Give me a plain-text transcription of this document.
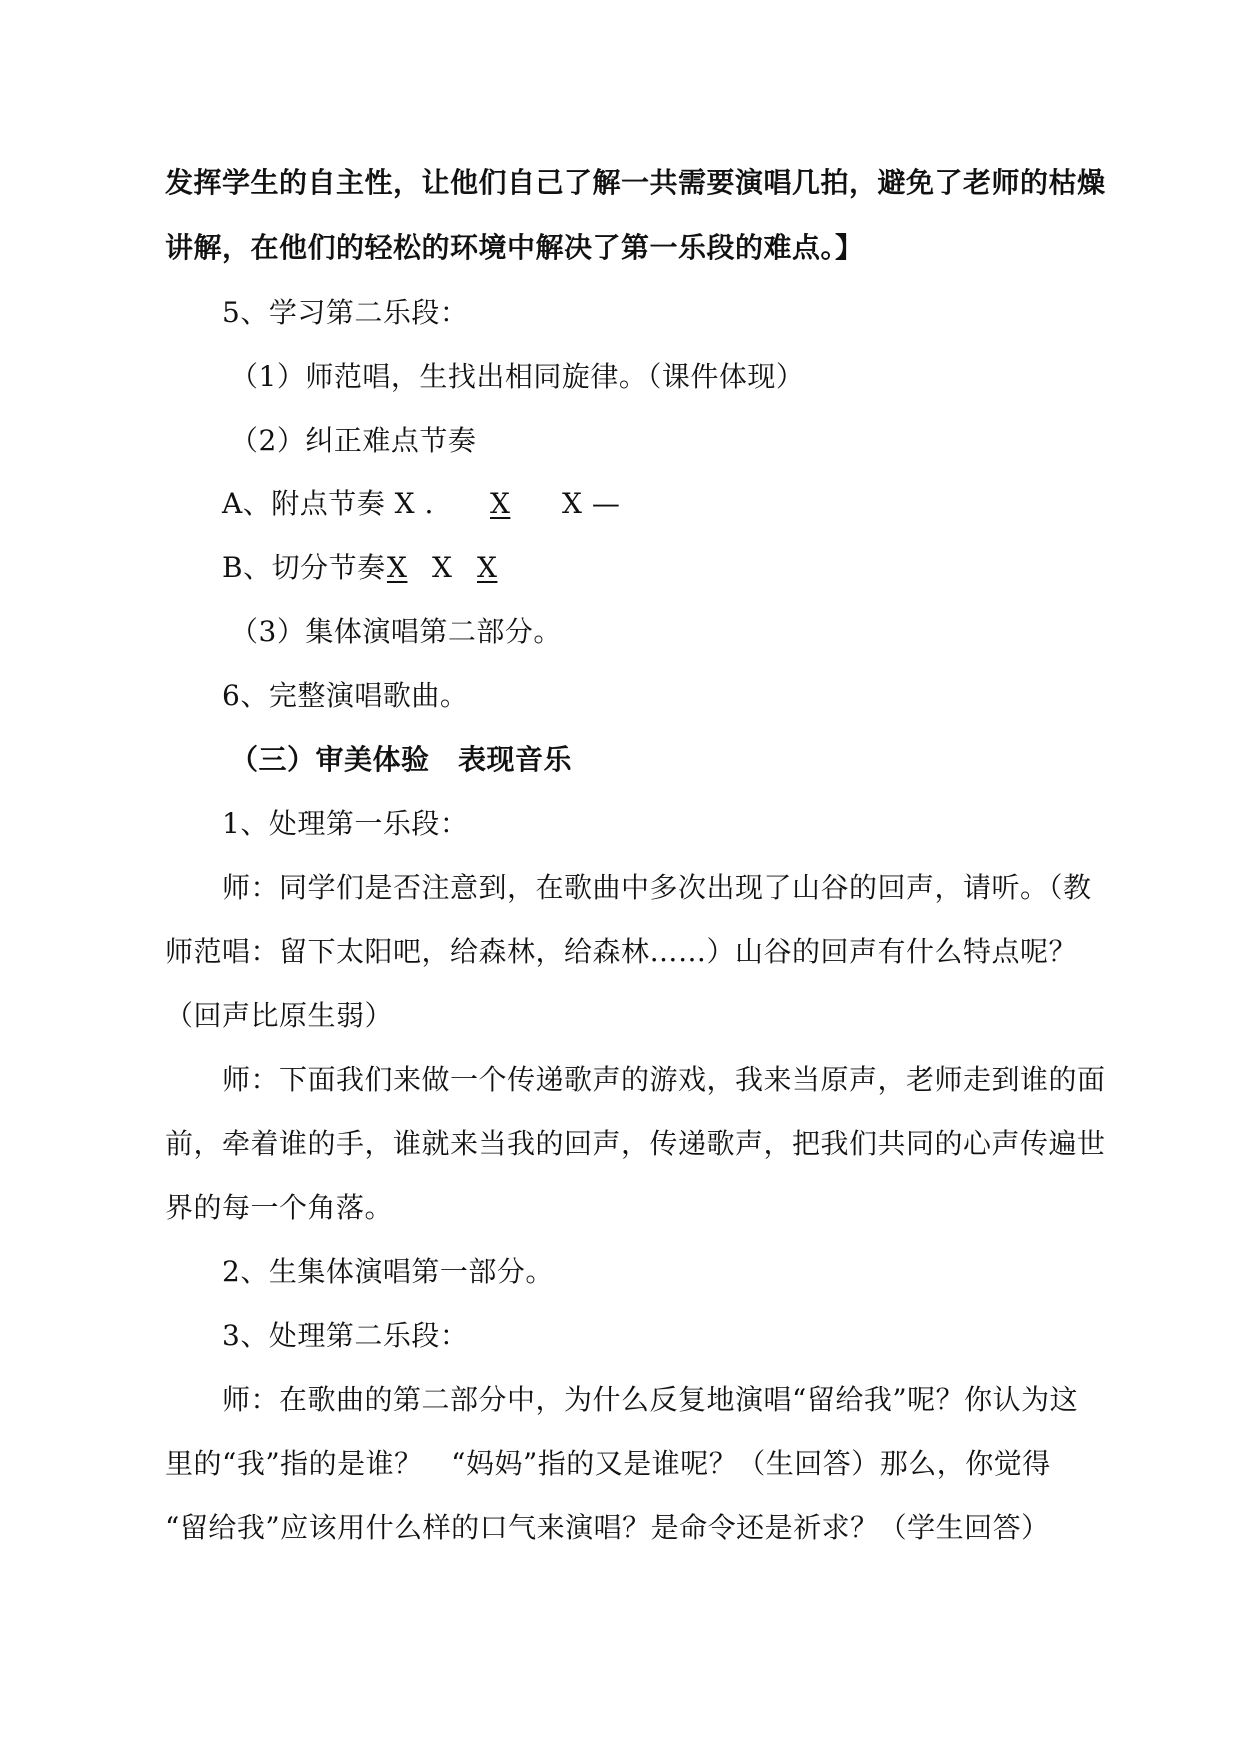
发挥学生的自主性，让他们自己了解一共需要演唱几拍，避免了老师的枯燥
讲解，在他们的轻松的环境中解决了第一乐段的难点。】
5、学习第二乐段：
（1）师范唱，生找出相同旋律。（课件体现）
（2）纠正难点节奏
A、附点节奏 X . X X —
B、切分节奏 X X X
（3）集体演唱第二部分。
6、完整演唱歌曲。
（三）审美体验　表现音乐
1、处理第一乐段：
师：同学们是否注意到，在歌曲中多次出现了山谷的回声，请听。（教
师范唱：留下太阳吧，给森林，给森林……）山谷的回声有什么特点呢？
（回声比原生弱）
师：下面我们来做一个传递歌声的游戏，我来当原声，老师走到谁的面
前，牵着谁的手，谁就来当我的回声，传递歌声，把我们共同的心声传遍世
界的每一个角落。
2、生集体演唱第一部分。
3、处理第二乐段：
师：在歌曲的第二部分中，为什么反复地演唱“留给我”呢？你认为这
里的“我”指的是谁？　“妈妈”指的又是谁呢？（生回答）那么，你觉得
“留给我”应该用什么样的口气来演唱？是命令还是祈求？（学生回答）
